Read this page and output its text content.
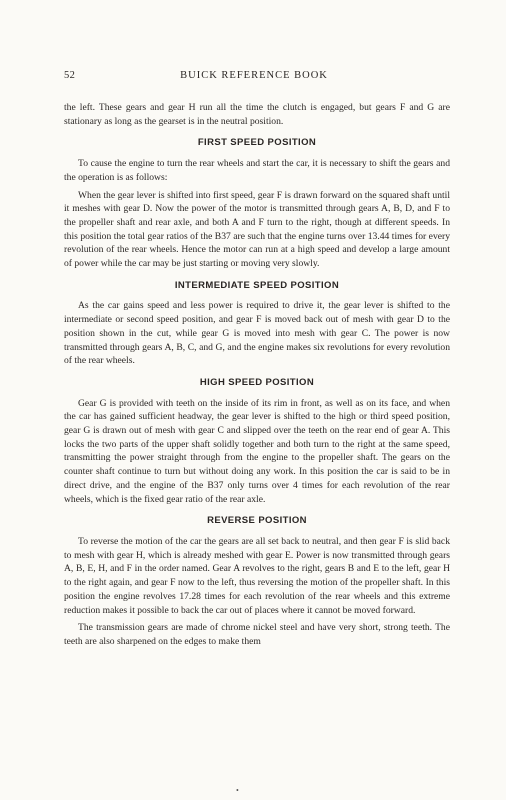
52	BUICK REFERENCE BOOK

the left. These gears and gear H run all the time the clutch is engaged, but gears F and G are stationary as long as the gearset is in the neutral position.

FIRST SPEED POSITION

To cause the engine to turn the rear wheels and start the car, it is necessary to shift the gears and the operation is as follows:

When the gear lever is shifted into first speed, gear F is drawn forward on the squared shaft until it meshes with gear D. Now the power of the motor is transmitted through gears A, B, D, and F to the propeller shaft and rear axle, and both A and F turn to the right, though at different speeds. In this position the total gear ratios of the B37 are such that the engine turns over 13.44 times for every revolution of the rear wheels. Hence the motor can run at a high speed and develop a large amount of power while the car may be just starting or moving very slowly.

INTERMEDIATE SPEED POSITION

As the car gains speed and less power is required to drive it, the gear lever is shifted to the intermediate or second speed position, and gear F is moved back out of mesh with gear D to the position shown in the cut, while gear G is moved into mesh with gear C. The power is now transmitted through gears A, B, C, and G, and the engine makes six revolutions for every revolution of the rear wheels.

HIGH SPEED POSITION

Gear G is provided with teeth on the inside of its rim in front, as well as on its face, and when the car has gained sufficient headway, the gear lever is shifted to the high or third speed position, gear G is drawn out of mesh with gear C and slipped over the teeth on the rear end of gear A. This locks the two parts of the upper shaft solidly together and both turn to the right at the same speed, transmitting the power straight through from the engine to the propeller shaft. The gears on the counter shaft continue to turn but without doing any work. In this position the car is said to be in direct drive, and the engine of the B37 only turns over 4 times for each revolution of the rear wheels, which is the fixed gear ratio of the rear axle.

REVERSE POSITION

To reverse the motion of the car the gears are all set back to neutral, and then gear F is slid back to mesh with gear H, which is already meshed with gear E. Power is now transmitted through gears A, B, E, H, and F in the order named. Gear A revolves to the right, gears B and E to the left, gear H to the right again, and gear F now to the left, thus reversing the motion of the propeller shaft. In this position the engine revolves 17.28 times for each revolution of the rear wheels and this extreme reduction makes it possible to back the car out of places where it cannot be moved forward.

The transmission gears are made of chrome nickel steel and have very short, strong teeth. The teeth are also sharpened on the edges to make them

•
